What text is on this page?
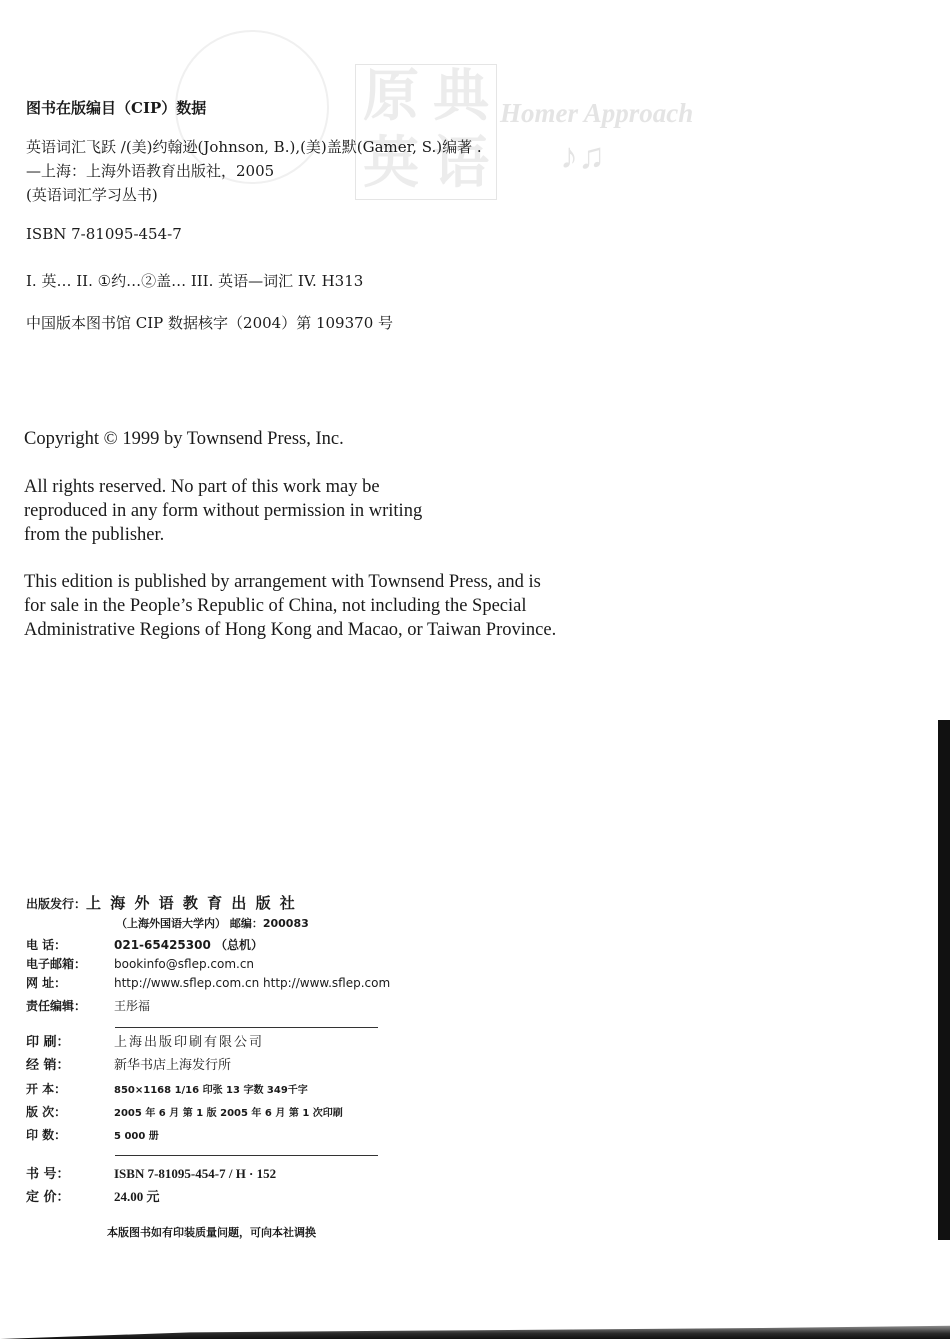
原 典
英 语
Homer Approach
♪♫
图书在版编目（CIP）数据
英语词汇飞跃 /(美)约翰逊(Johnson, B.),(美)盖默(Gamer, S.)编著 .
—上海：上海外语教育出版社，2005
(英语词汇学习丛书)
ISBN 7-81095-454-7
I. 英… II. ①约…②盖… III. 英语—词汇 IV. H313
中国版本图书馆 CIP 数据核字（2004）第 109370 号
Copyright © 1999 by Townsend Press, Inc.
All rights reserved. No part of this work may be
reproduced in any form without permission in writing
from the publisher.
This edition is published by arrangement with Townsend Press, and is
for sale in the People’s Republic of China, not including the Special
Administrative Regions of Hong Kong and Macao, or Taiwan Province.
出版发行：上 海 外 语 教 育 出 版 社
（上海外国语大学内） 邮编：200083
电 话：	021-65425300 （总机）
电子邮箱： bookinfo@sflep.com.cn
网 址：	http://www.sflep.com.cn http://www.sflep.com
责任编辑： 王彤福
印 刷：	上海出版印刷有限公司
经 销：	新华书店上海发行所
开 本：	850×1168 1/16 印张 13 字数 349千字
版 次：	2005 年 6 月 第 1 版 2005 年 6 月 第 1 次印刷
印 数：	5 000 册
书 号：	ISBN 7-81095-454-7 / H · 152
定 价：	24.00 元
本版图书如有印装质量问题，可向本社调换
